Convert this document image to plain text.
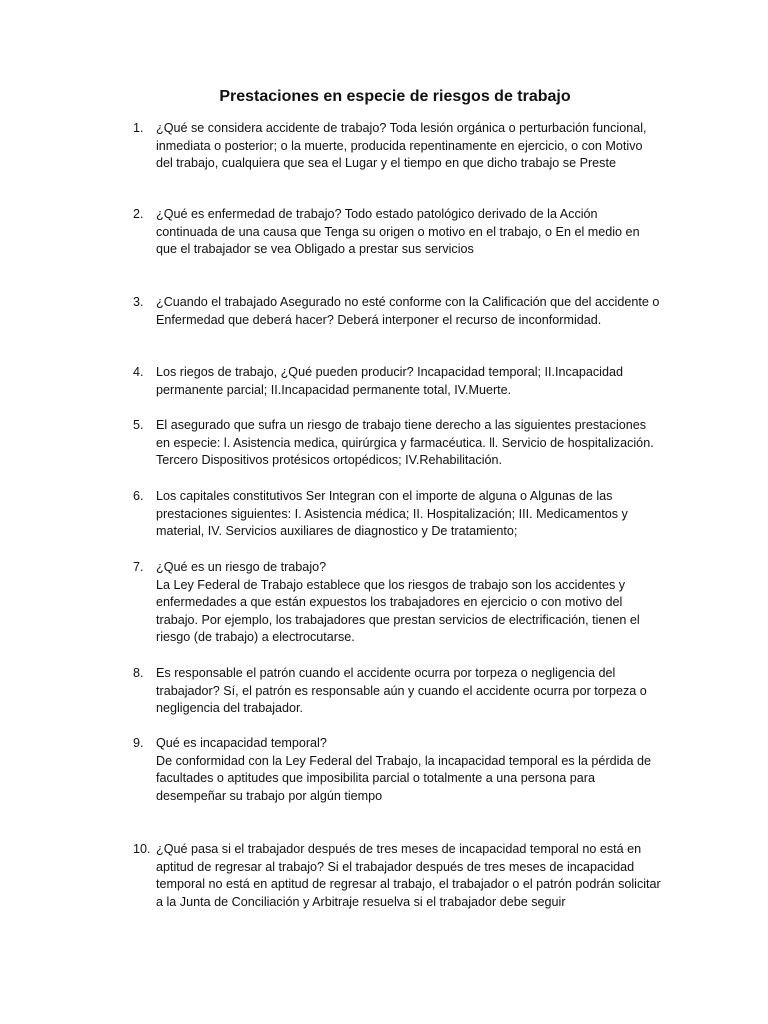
Prestaciones en especie de riesgos de trabajo
1. ¿Qué se considera accidente de trabajo? Toda lesión orgánica o perturbación funcional, inmediata o posterior; o la muerte, producida repentinamente en ejercicio, o con Motivo del trabajo, cualquiera que sea el Lugar y el tiempo en que dicho trabajo se Preste
2. ¿Qué es enfermedad de trabajo? Todo estado patológico derivado de la Acción continuada de una causa que Tenga su origen o motivo en el trabajo, o En el medio en que el trabajador se vea Obligado a prestar sus servicios
3. ¿Cuando el trabajado Asegurado no esté conforme con la Calificación que del accidente o Enfermedad que deberá hacer? Deberá interponer el recurso de inconformidad.
4. Los riegos de trabajo, ¿Qué pueden producir? Incapacidad temporal; II.Incapacidad permanente parcial; II.Incapacidad permanente total, IV.Muerte.
5. El asegurado que sufra un riesgo de trabajo tiene derecho a las siguientes prestaciones en especie: l. Asistencia medica, quirúrgica y farmacéutica. ll. Servicio de hospitalización. Tercero Dispositivos protésicos ortopédicos; IV.Rehabilitación.
6. Los capitales constitutivos Ser Integran con el importe de alguna o Algunas de las prestaciones siguientes: I. Asistencia médica; II. Hospitalización; III. Medicamentos y material, IV. Servicios auxiliares de diagnostico y De tratamiento;
7. ¿Qué es un riesgo de trabajo?
La Ley Federal de Trabajo establece que los riesgos de trabajo son los accidentes y enfermedades a que están expuestos los trabajadores en ejercicio o con motivo del trabajo. Por ejemplo, los trabajadores que prestan servicios de electrificación, tienen el riesgo (de trabajo) a electrocutarse.
8. Es responsable el patrón cuando el accidente ocurra por torpeza o negligencia del trabajador? Sí, el patrón es responsable aún y cuando el accidente ocurra por torpeza o negligencia del trabajador.
9. Qué es incapacidad temporal?
De conformidad con la Ley Federal del Trabajo, la incapacidad temporal es la pérdida de facultades o aptitudes que imposibilita parcial o totalmente a una persona para desempeñar su trabajo por algún tiempo
10. ¿Qué pasa si el trabajador después de tres meses de incapacidad temporal no está en aptitud de regresar al trabajo? Si el trabajador después de tres meses de incapacidad temporal no está en aptitud de regresar al trabajo, el trabajador o el patrón podrán solicitar a la Junta de Conciliación y Arbitraje resuelva si el trabajador debe seguir
